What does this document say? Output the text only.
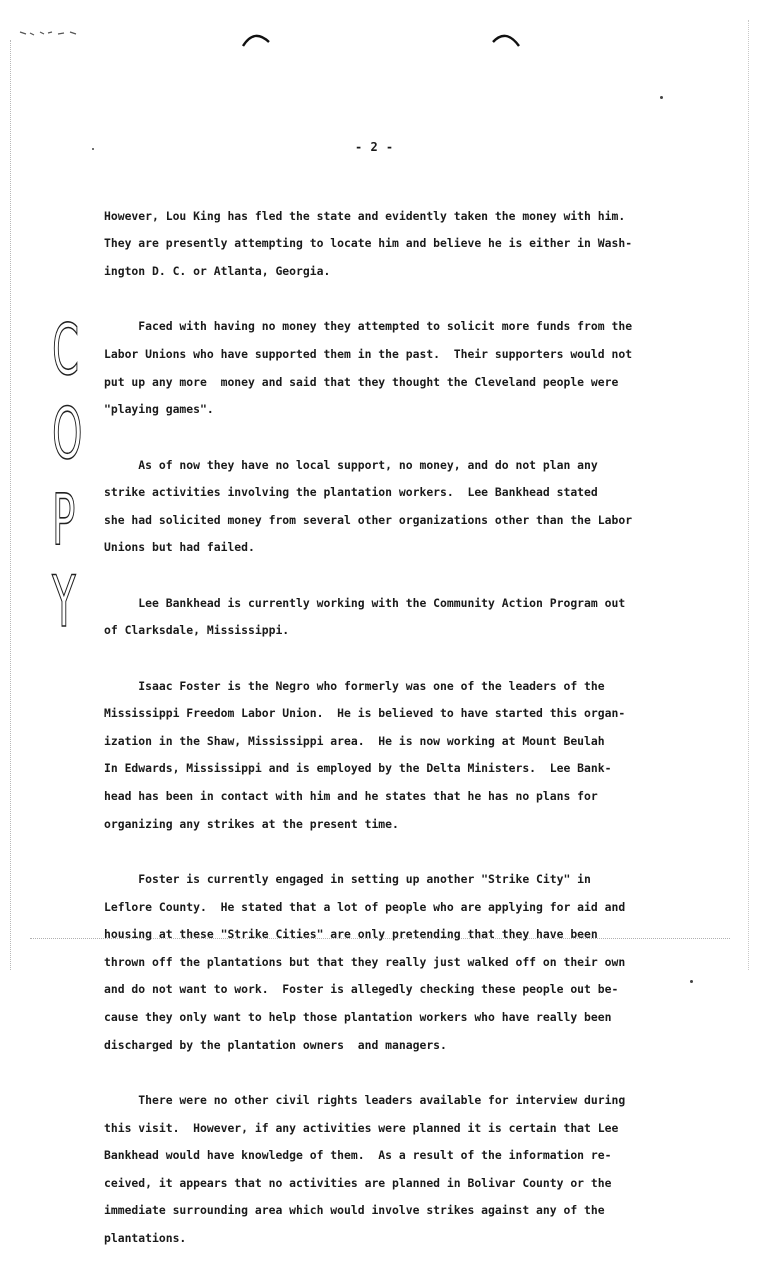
- 2 -
C
O
P
Y

However, Lou King has fled the state and evidently taken the money with him.

They are presently attempting to locate him and believe he is either in Wash-

ington D. C. or Atlanta, Georgia.

Faced with having no money they attempted to solicit more funds from the

Labor Unions who have supported them in the past.  Their supporters would not

put up any more  money and said that they thought the Cleveland people were

"playing games".

As of now they have no local support, no money, and do not plan any

strike activities involving the plantation workers.  Lee Bankhead stated

she had solicited money from several other organizations other than the Labor

Unions but had failed.

Lee Bankhead is currently working with the Community Action Program out

of Clarksdale, Mississippi.

Isaac Foster is the Negro who formerly was one of the leaders of the

Mississippi Freedom Labor Union.  He is believed to have started this organ-

ization in the Shaw, Mississippi area.  He is now working at Mount Beulah

In Edwards, Mississippi and is employed by the Delta Ministers.  Lee Bank-

head has been in contact with him and he states that he has no plans for

organizing any strikes at the present time.

Foster is currently engaged in setting up another "Strike City" in

Leflore County.  He stated that a lot of people who are applying for aid and

housing at these "Strike Cities" are only pretending that they have been

thrown off the plantations but that they really just walked off on their own

and do not want to work.  Foster is allegedly checking these people out be-

cause they only want to help those plantation workers who have really been

discharged by the plantation owners  and managers.

There were no other civil rights leaders available for interview during

this visit.  However, if any activities were planned it is certain that Lee

Bankhead would have knowledge of them.  As a result of the information re-

ceived, it appears that no activities are planned in Bolivar County or the

immediate surrounding area which would involve strikes against any of the

plantations.
